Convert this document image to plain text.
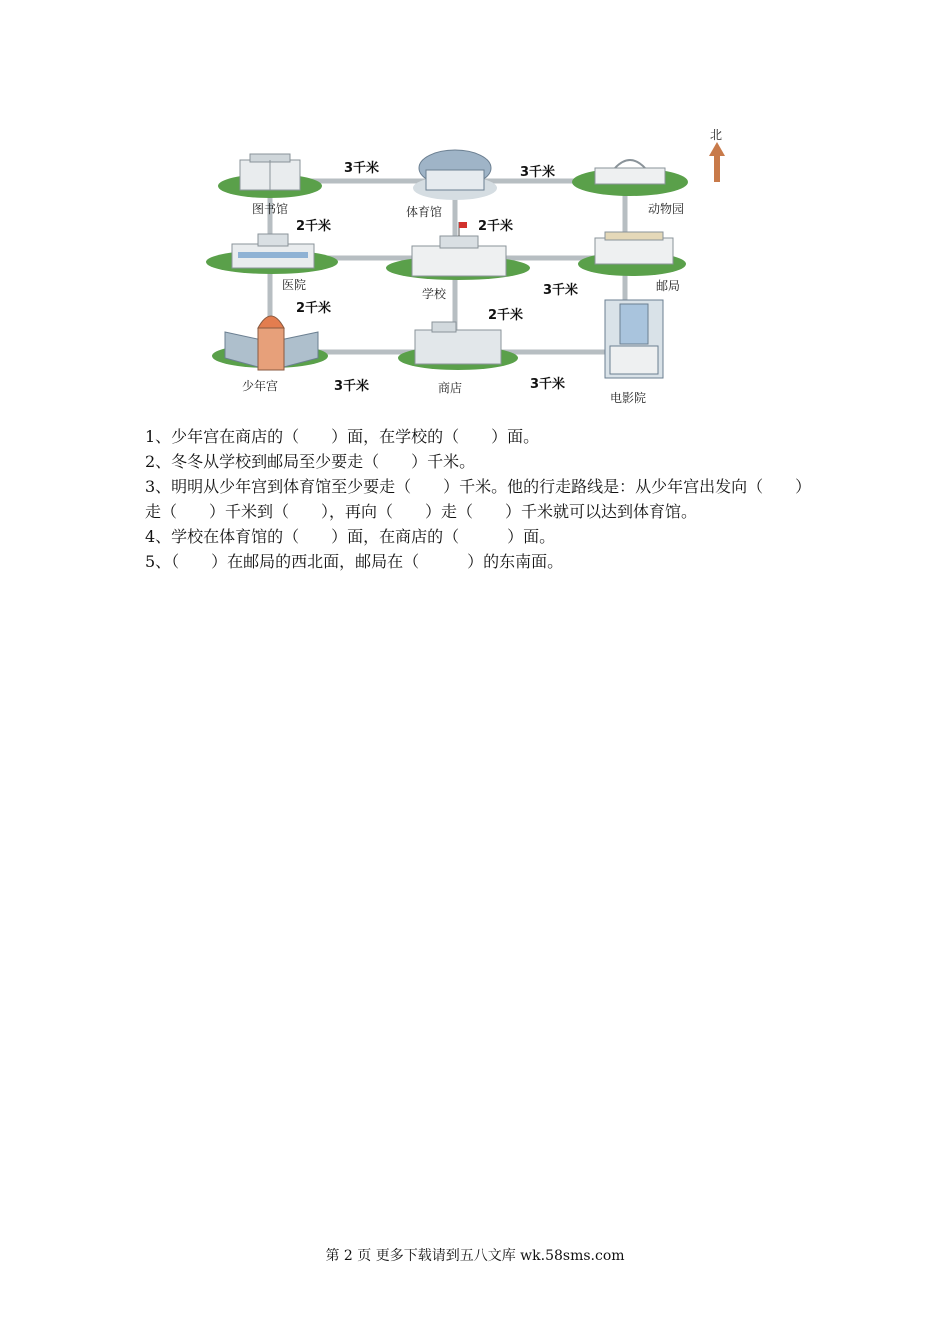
北
图书馆	体育馆	动物园
医院
学校
邮局
少年宫	商店
电影院
3千米	3千米
2千米	2千米
3千米
2千米	2千米
3千米	3千米

1、少年宫在商店的（　　）面，在学校的（　　）面。

2、冬冬从学校到邮局至少要走（　　）千米。

3、明明从少年宫到体育馆至少要走（　　）千米。他的行走路线是：从少年宫出发向（　　）走（　　）千米到（　　），再向（　　）走（　　）千米就可以达到体育馆。

4、学校在体育馆的（　　）面，在商店的（　　　）面。

5、（　　）在邮局的西北面，邮局在（　　　）的东南面。

第 2 页 更多下载请到五八文库 wk.58sms.com
